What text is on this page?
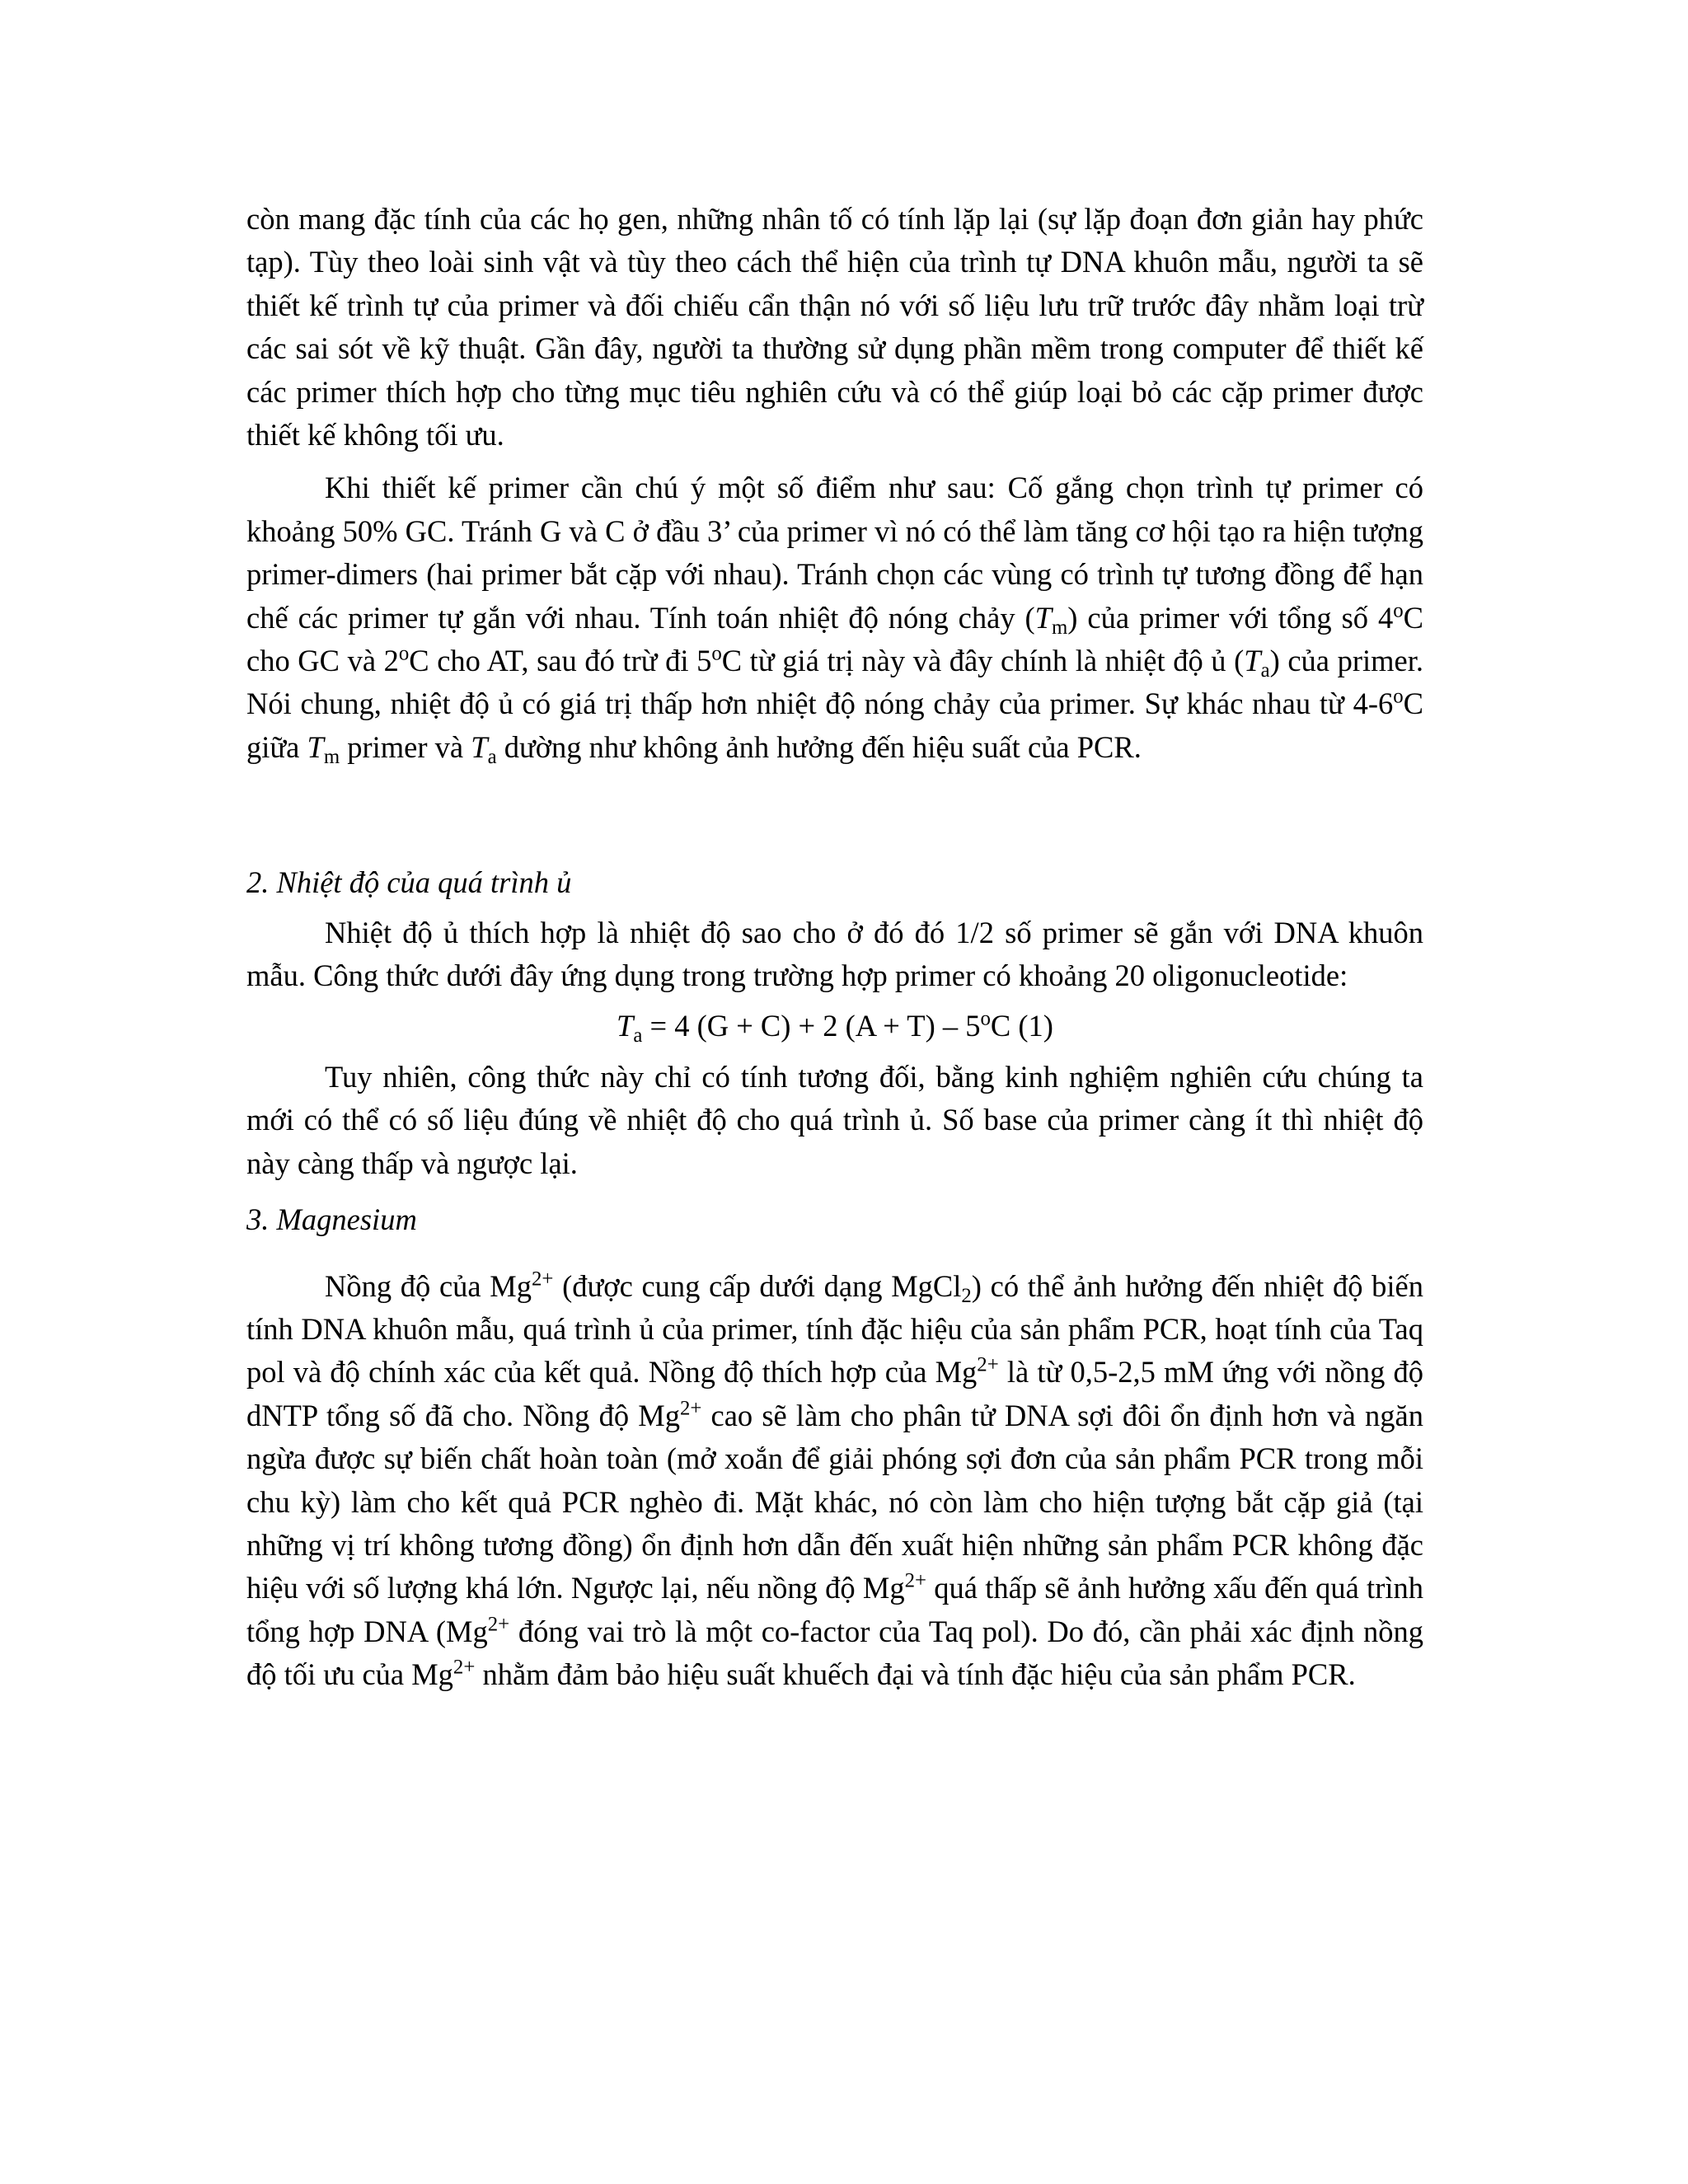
còn mang đặc tính của các họ gen, những nhân tố có tính lặp lại (sự lặp đoạn đơn giản hay phức tạp). Tùy theo loài sinh vật và tùy theo cách thể hiện của trình tự DNA khuôn mẫu, người ta sẽ thiết kế trình tự của primer và đối chiếu cẩn thận nó với số liệu lưu trữ trước đây nhằm loại trừ các sai sót về kỹ thuật. Gần đây, người ta thường sử dụng phần mềm trong computer để thiết kế các primer thích hợp cho từng mục tiêu nghiên cứu và có thể giúp loại bỏ các cặp primer được thiết kế không tối ưu.

Khi thiết kế primer cần chú ý một số điểm như sau: Cố gắng chọn trình tự primer có khoảng 50% GC. Tránh G và C ở đầu 3’ của primer vì nó có thể làm tăng cơ hội tạo ra hiện tượng primer-dimers (hai primer bắt cặp với nhau). Tránh chọn các vùng có trình tự tương đồng để hạn chế các primer tự gắn với nhau. Tính toán nhiệt độ nóng chảy $(T_m)$ của primer với tổng số 4$^o$C cho GC và 2$^o$C cho AT, sau đó trừ đi 5$^o$C từ giá trị này và đây chính là nhiệt độ ủ $(T_a)$ của primer. Nói chung, nhiệt độ ủ có giá trị thấp hơn nhiệt độ nóng chảy của primer. Sự khác nhau từ 4-6$^o$C giữa $T_m$ primer và $T_a$ dường như không ảnh hưởng đến hiệu suất của PCR.

2. Nhiệt độ của quá trình ủ

Nhiệt độ ủ thích hợp là nhiệt độ sao cho ở đó đó 1/2 số primer sẽ gắn với DNA khuôn mẫu. Công thức dưới đây ứng dụng trong trường hợp primer có khoảng 20 oligonucleotide:

$T_a = 4$ (G + C) + 2 (A + T) – 5$^o$C (1)

Tuy nhiên, công thức này chỉ có tính tương đối, bằng kinh nghiệm nghiên cứu chúng ta mới có thể có số liệu đúng về nhiệt độ cho quá trình ủ. Số base của primer càng ít thì nhiệt độ này càng thấp và ngược lại.

3. Magnesium

Nồng độ của $Mg^{2+}$ (được cung cấp dưới dạng MgCl$_2$) có thể ảnh hưởng đến nhiệt độ biến tính DNA khuôn mẫu, quá trình ủ của primer, tính đặc hiệu của sản phẩm PCR, hoạt tính của Taq pol và độ chính xác của kết quả. Nồng độ thích hợp của $Mg^{2+}$ là từ 0,5-2,5 mM ứng với nồng độ dNTP tổng số đã cho. Nồng độ $Mg^{2+}$ cao sẽ làm cho phân tử DNA sợi đôi ổn định hơn và ngăn ngừa được sự biến chất hoàn toàn (mở xoắn để giải phóng sợi đơn của sản phẩm PCR trong mỗi chu kỳ) làm cho kết quả PCR nghèo đi. Mặt khác, nó còn làm cho hiện tượng bắt cặp giả (tại những vị trí không tương đồng) ổn định hơn dẫn đến xuất hiện những sản phẩm PCR không đặc hiệu với số lượng khá lớn. Ngược lại, nếu nồng độ $Mg^{2+}$ quá thấp sẽ ảnh hưởng xấu đến quá trình tổng hợp DNA ($Mg^{2+}$ đóng vai trò là một co-factor của Taq pol). Do đó, cần phải xác định nồng độ tối ưu của $Mg^{2+}$ nhằm đảm bảo hiệu suất khuếch đại và tính đặc hiệu của sản phẩm PCR.
